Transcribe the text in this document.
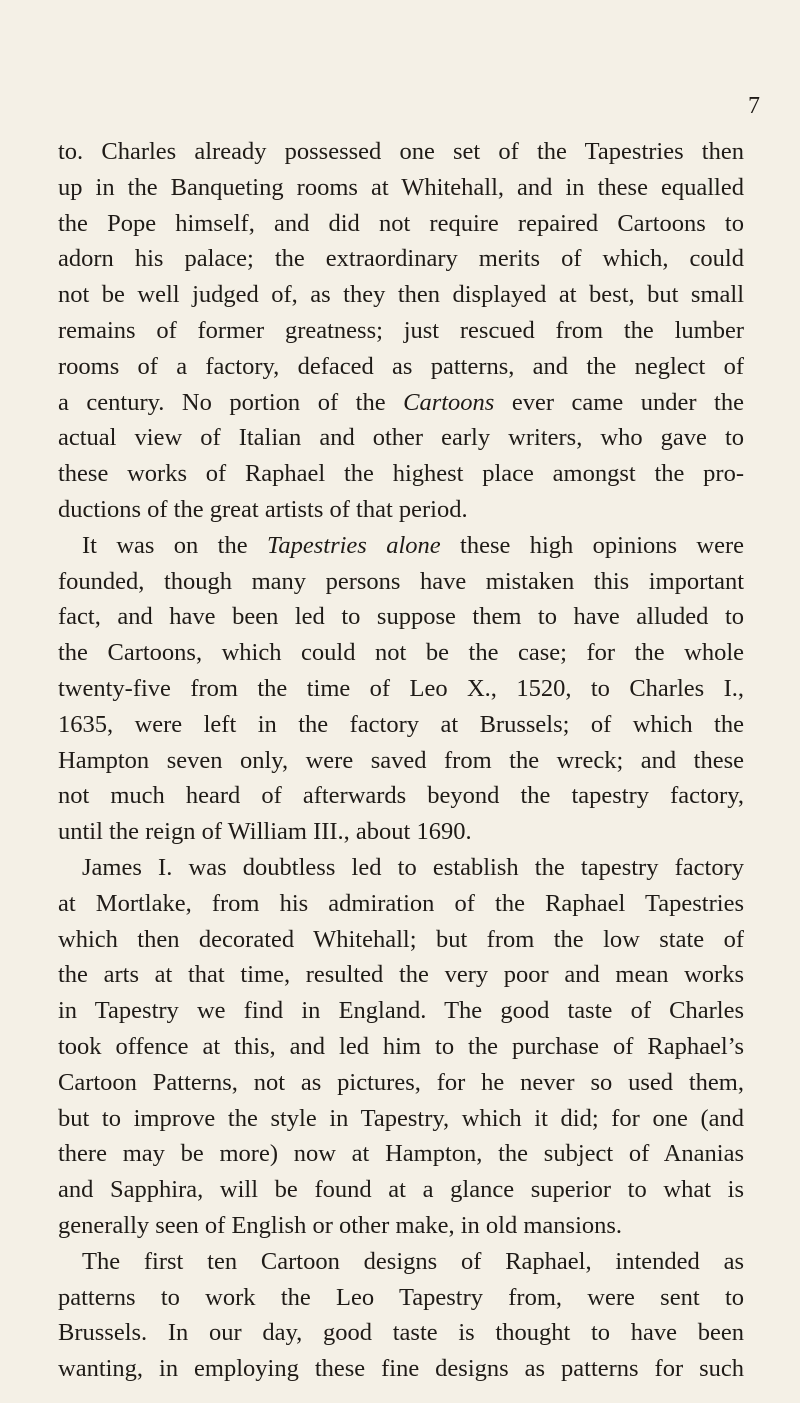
7
to. Charles already possessed one set of the Tapestries then
up in the Banqueting rooms at Whitehall, and in these equalled
the Pope himself, and did not require repaired Cartoons to
adorn his palace; the extraordinary merits of which, could
not be well judged of, as they then displayed at best, but small
remains of former greatness; just rescued from the lumber
rooms of a factory, defaced as patterns, and the neglect of
a century. No portion of the Cartoons ever came under the
actual view of Italian and other early writers, who gave to
these works of Raphael the highest place amongst the pro-
ductions of the great artists of that period.
It was on the Tapestries alone these high opinions were
founded, though many persons have mistaken this important
fact, and have been led to suppose them to have alluded to
the Cartoons, which could not be the case; for the whole
twenty-five from the time of Leo X., 1520, to Charles I.,
1635, were left in the factory at Brussels; of which the
Hampton seven only, were saved from the wreck; and these
not much heard of afterwards beyond the tapestry factory,
until the reign of William III., about 1690.
James I. was doubtless led to establish the tapestry factory
at Mortlake, from his admiration of the Raphael Tapestries
which then decorated Whitehall; but from the low state of
the arts at that time, resulted the very poor and mean works
in Tapestry we find in England. The good taste of Charles
took offence at this, and led him to the purchase of Raphael’s
Cartoon Patterns, not as pictures, for he never so used them,
but to improve the style in Tapestry, which it did; for one (and
there may be more) now at Hampton, the subject of Ananias
and Sapphira, will be found at a glance superior to what is
generally seen of English or other make, in old mansions.
The first ten Cartoon designs of Raphael, intended as
patterns to work the Leo Tapestry from, were sent to
Brussels. In our day, good taste is thought to have been
wanting, in employing these fine designs as patterns for such
